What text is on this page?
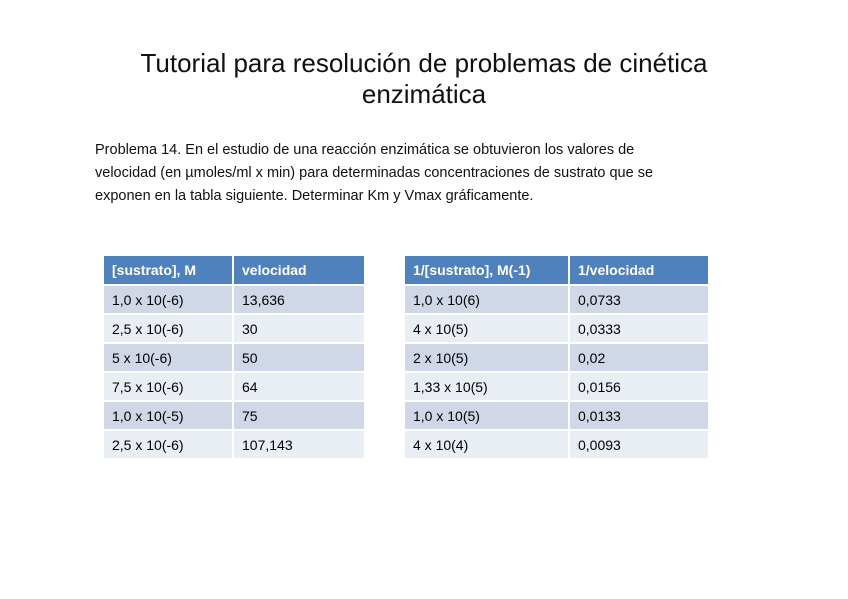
Tutorial para resolución de problemas de cinética
enzimática
Problema 14. En el estudio de una reacción enzimática se obtuvieron los valores de
velocidad (en µmoles/ml x min) para determinadas concentraciones de sustrato que se
exponen en la tabla siguiente. Determinar Km y Vmax gráficamente.
[sustrato], M	velocidad
1,0 x 10(-6)	13,636
2,5 x 10(-6)	30
5 x 10(-6)	50
7,5 x 10(-6)	64
1,0 x 10(-5)	75
2,5 x 10(-6)	107,143
1/[sustrato], M(-1)	1/velocidad
1,0 x 10(6)	0,0733
4 x 10(5)	0,0333
2 x 10(5)	0,02
1,33 x 10(5)	0,0156
1,0 x 10(5)	0,0133
4 x 10(4)	0,0093
